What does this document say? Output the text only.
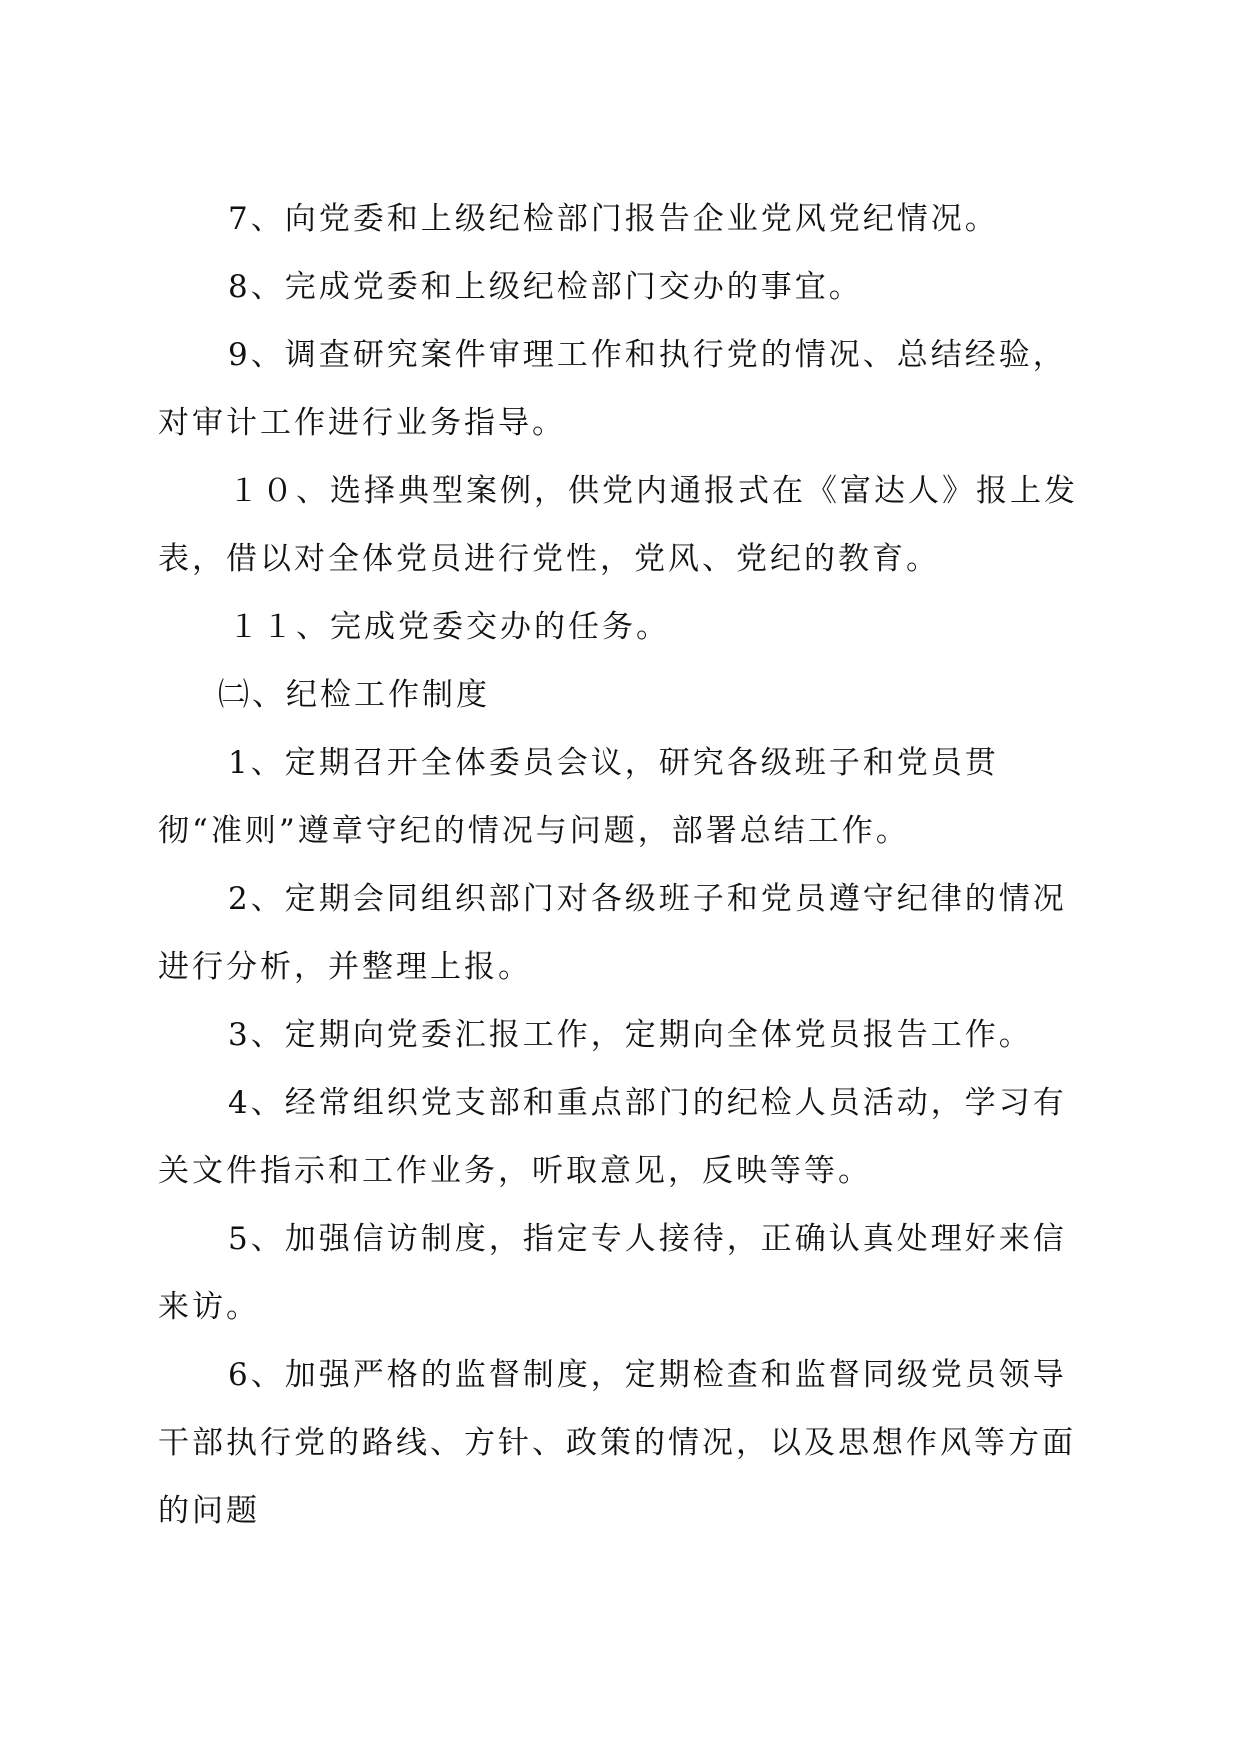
7、向党委和上级纪检部门报告企业党风党纪情况。

8、完成党委和上级纪检部门交办的事宜。

9、调查研究案件审理工作和执行党的情况、总结经验，对审计工作进行业务指导。

１０、选择典型案例，供党内通报式在《富达人》报上发表，借以对全体党员进行党性，党风、党纪的教育。

１１、完成党委交办的任务。

㈡、纪检工作制度

1、定期召开全体委员会议，研究各级班子和党员贯彻“准则”遵章守纪的情况与问题，部署总结工作。

2、定期会同组织部门对各级班子和党员遵守纪律的情况进行分析，并整理上报。

3、定期向党委汇报工作，定期向全体党员报告工作。

4、经常组织党支部和重点部门的纪检人员活动，学习有关文件指示和工作业务，听取意见，反映等等。

5、加强信访制度，指定专人接待，正确认真处理好来信来访。

6、加强严格的监督制度，定期检查和监督同级党员领导干部执行党的路线、方针、政策的情况，以及思想作风等方面的问题
